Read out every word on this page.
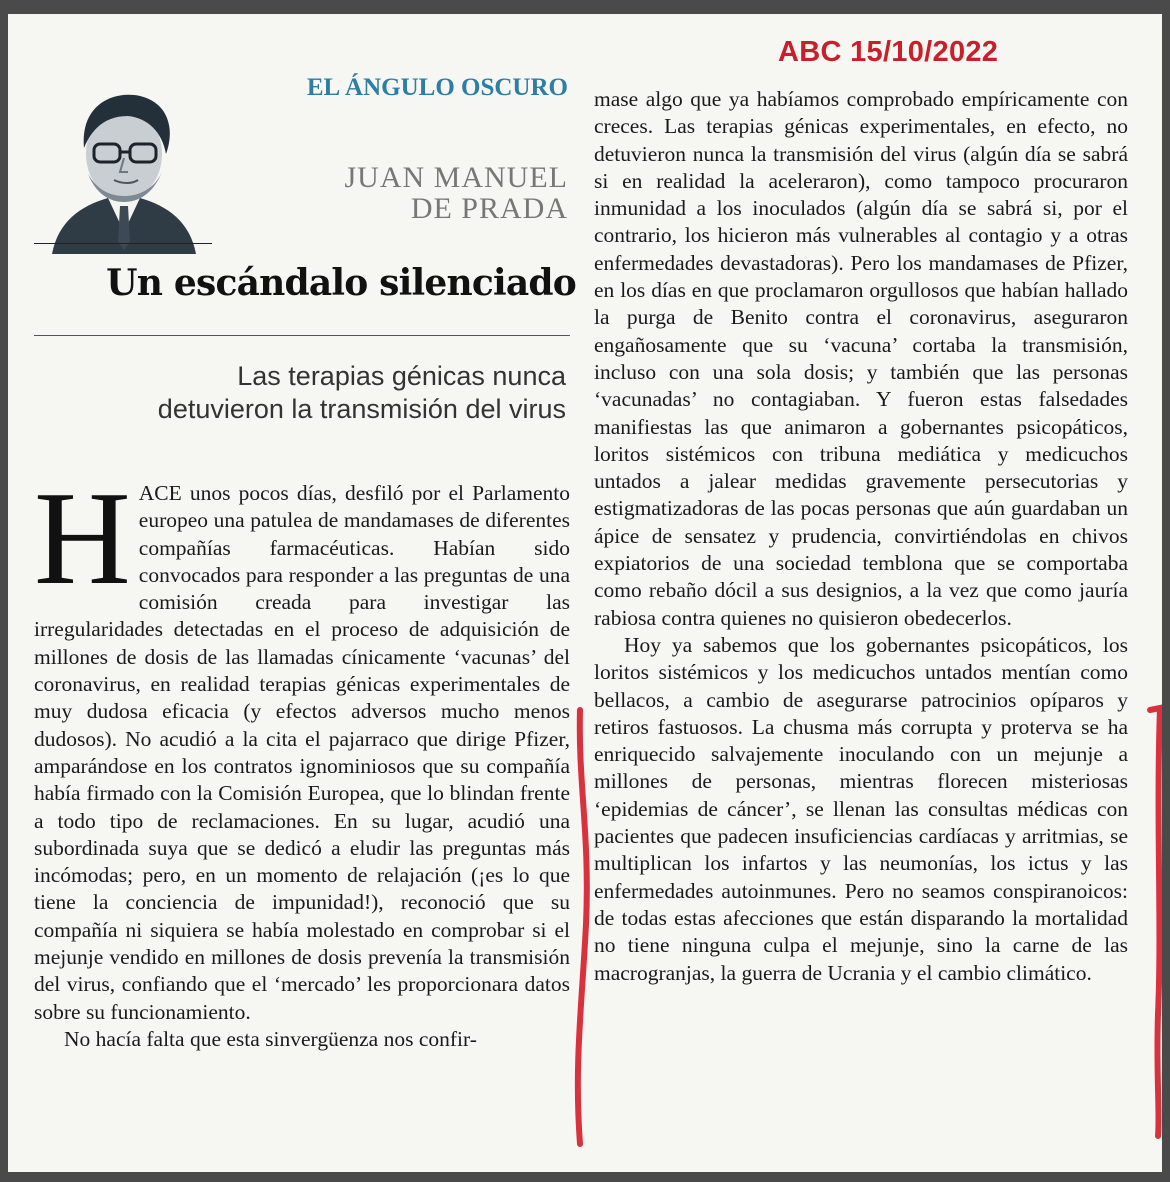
ABC 15/10/2022
EL ÁNGULO OSCURO
JUAN MANUEL
DE PRADA
Un escándalo silenciado
Las terapias génicas nunca
detuvieron la transmisión del virus
H ACE unos pocos días, desfiló por el Parlamento europeo una patulea de mandamases de diferentes compañías farmacéuticas. Habían sido convocados para responder a las preguntas de una comisión creada para investigar las irregularidades detectadas en el proceso de adquisición de millones de dosis de las llamadas cínicamente ‘vacunas’ del coronavirus, en realidad terapias génicas experimentales de muy dudosa eficacia (y efectos adversos mucho menos dudosos). No acudió a la cita el pajarraco que dirige Pfizer, amparándose en los contratos ignominiosos que su compañía había firmado con la Comisión Europea, que lo blindan frente a todo tipo de reclamaciones. En su lugar, acudió una subordinada suya que se dedicó a eludir las preguntas más incómodas; pero, en un momento de relajación (¡es lo que tiene la conciencia de impunidad!), reconoció que su compañía ni siquiera se había molestado en comprobar si el mejunje vendido en millones de dosis prevenía la transmisión del virus, confiando que el ‘mercado’ les proporcionara datos sobre su funcionamiento.

No hacía falta que esta sinvergüenza nos confir-

mase algo que ya habíamos comprobado empíricamente con creces. Las terapias génicas experimentales, en efecto, no detuvieron nunca la transmisión del virus (algún día se sabrá si en realidad la aceleraron), como tampoco procuraron inmunidad a los inoculados (algún día se sabrá si, por el contrario, los hicieron más vulnerables al contagio y a otras enfermedades devastadoras). Pero los mandamases de Pfizer, en los días en que proclamaron orgullosos que habían hallado la purga de Benito contra el coronavirus, aseguraron engañosamente que su ‘vacuna’ cortaba la transmisión, incluso con una sola dosis; y también que las personas ‘vacunadas’ no contagiaban. Y fueron estas falsedades manifiestas las que animaron a gobernantes psicopáticos, loritos sistémicos con tribuna mediática y medicuchos untados a jalear medidas gravemente persecutorias y estigmatizadoras de las pocas personas que aún guardaban un ápice de sensatez y prudencia, convirtiéndolas en chivos expiatorios de una sociedad temblona que se comportaba como rebaño dócil a sus designios, a la vez que como jauría rabiosa contra quienes no quisieron obedecerlos.

Hoy ya sabemos que los gobernantes psicopáticos, los loritos sistémicos y los medicuchos untados mentían como bellacos, a cambio de asegurarse patrocinios opíparos y retiros fastuosos. La chusma más corrupta y proterva se ha enriquecido salvajemente inoculando con un mejunje a millones de personas, mientras florecen misteriosas ‘epidemias de cáncer’, se llenan las consultas médicas con pacientes que padecen insuficiencias cardíacas y arritmias, se multiplican los infartos y las neumonías, los ictus y las enfermedades autoinmunes. Pero no seamos conspiranoicos: de todas estas afecciones que están disparando la mortalidad no tiene ninguna culpa el mejunje, sino la carne de las macrogranjas, la guerra de Ucrania y el cambio climático.
